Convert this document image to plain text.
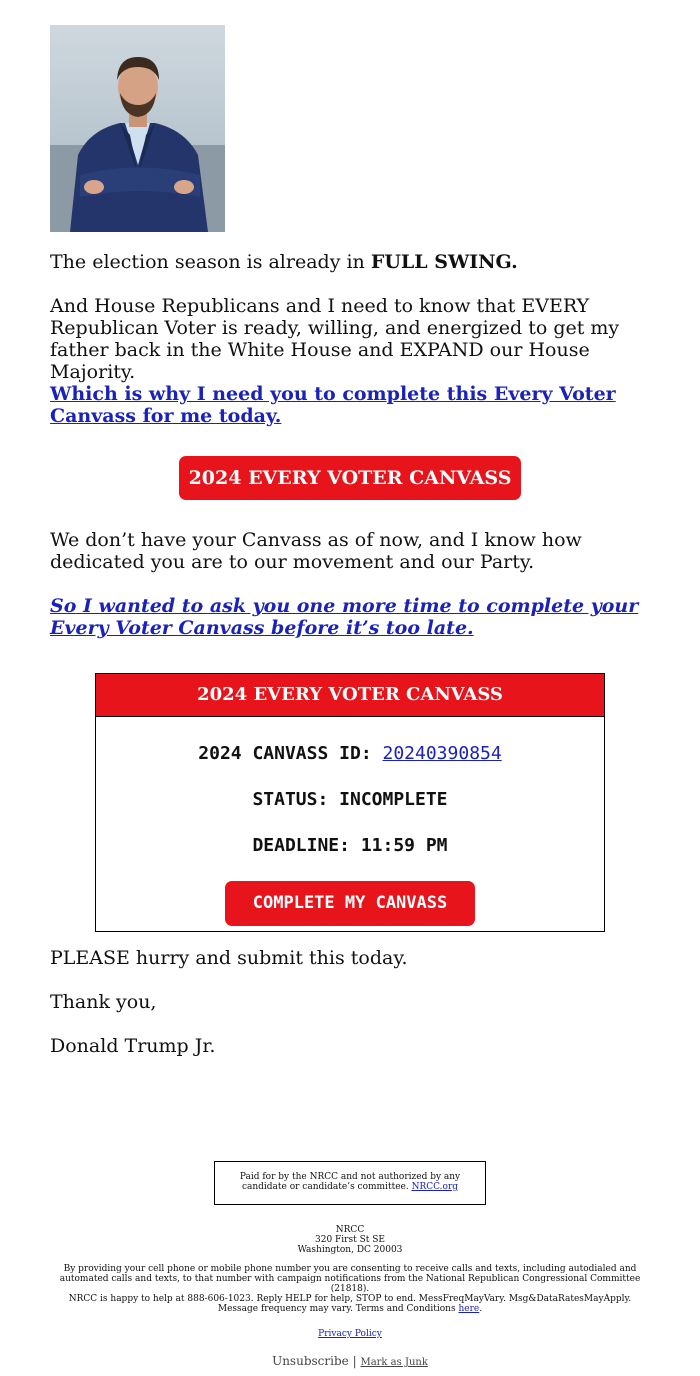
The election season is already in FULL SWING.

And House Republicans and I need to know that EVERY Republican Voter is ready, willing, and energized to get my father back in the White House and EXPAND our House Majority.

Which is why I need you to complete this Every Voter Canvass for me today.

2024 EVERY VOTER CANVASS

We don’t have your Canvass as of now, and I know how dedicated you are to our movement and our Party.

So I wanted to ask you one more time to complete your Every Voter Canvass before it’s too late.

2024 EVERY VOTER CANVASS
2024 CANVASS ID: 20240390854
STATUS: INCOMPLETE
DEADLINE: 11:59 PM
COMPLETE MY CANVASS

PLEASE hurry and submit this today.

Thank you,

Donald Trump Jr.

Paid for by the NRCC and not authorized by any candidate or candidate’s committee. NRCC.org
NRCC
320 First St SE
Washington, DC 20003
By providing your cell phone or mobile phone number you are consenting to receive calls and texts, including autodialed and automated calls and texts, to that number with campaign notifications from the National Republican Congressional Committee (21818).
NRCC is happy to help at 888-606-1023. Reply HELP for help, STOP to end. MessFreqMayVary. Msg&DataRatesMayApply. Message frequency may vary. Terms and Conditions here.
Privacy Policy
Unsubscribe | Mark as Junk
